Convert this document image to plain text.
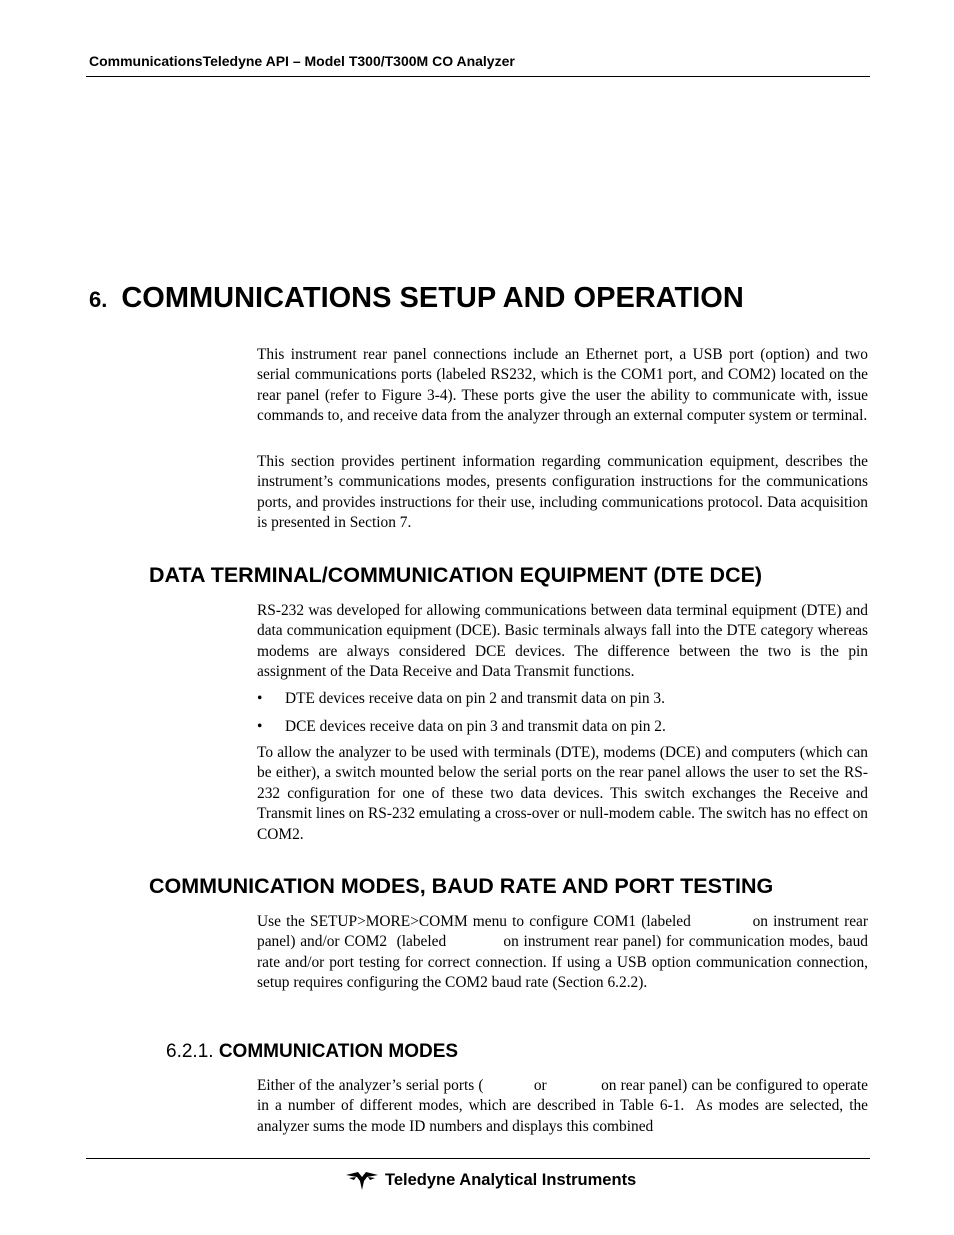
CommunicationsTeledyne API – Model T300/T300M CO Analyzer
6. COMMUNICATIONS SETUP AND OPERATION
This instrument rear panel connections include an Ethernet port, a USB port (option) and two serial communications ports (labeled RS232, which is the COM1 port, and COM2) located on the rear panel (refer to Figure 3-4). These ports give the user the ability to communicate with, issue commands to, and receive data from the analyzer through an external computer system or terminal.
This section provides pertinent information regarding communication equipment, describes the instrument’s communications modes, presents configuration instructions for the communications ports, and provides instructions for their use, including communications protocol. Data acquisition is presented in Section 7.
DATA TERMINAL/COMMUNICATION EQUIPMENT (DTE DCE)
RS-232 was developed for allowing communications between data terminal equipment (DTE) and data communication equipment (DCE). Basic terminals always fall into the DTE category whereas modems are always considered DCE devices. The difference between the two is the pin assignment of the Data Receive and Data Transmit functions.
• DTE devices receive data on pin 2 and transmit data on pin 3.
• DCE devices receive data on pin 3 and transmit data on pin 2.
To allow the analyzer to be used with terminals (DTE), modems (DCE) and computers (which can be either), a switch mounted below the serial ports on the rear panel allows the user to set the RS-232 configuration for one of these two data devices. This switch exchanges the Receive and Transmit lines on RS-232 emulating a cross-over or null-modem cable. The switch has no effect on COM2.
COMMUNICATION MODES, BAUD RATE AND PORT TESTING
Use the SETUP>MORE>COMM menu to configure COM1 (labeled            on instrument rear panel) and/or COM2  (labeled            on instrument rear panel) for communication modes, baud rate and/or port testing for correct connection. If using a USB option communication connection, setup requires configuring the COM2 baud rate (Section 6.2.2).
6.2.1. COMMUNICATION MODES
Either of the analyzer’s serial ports (            or             on rear panel) can be configured to operate in a number of different modes, which are described in Table 6-1.  As modes are selected, the analyzer sums the mode ID numbers and displays this combined
Teledyne Analytical Instruments
